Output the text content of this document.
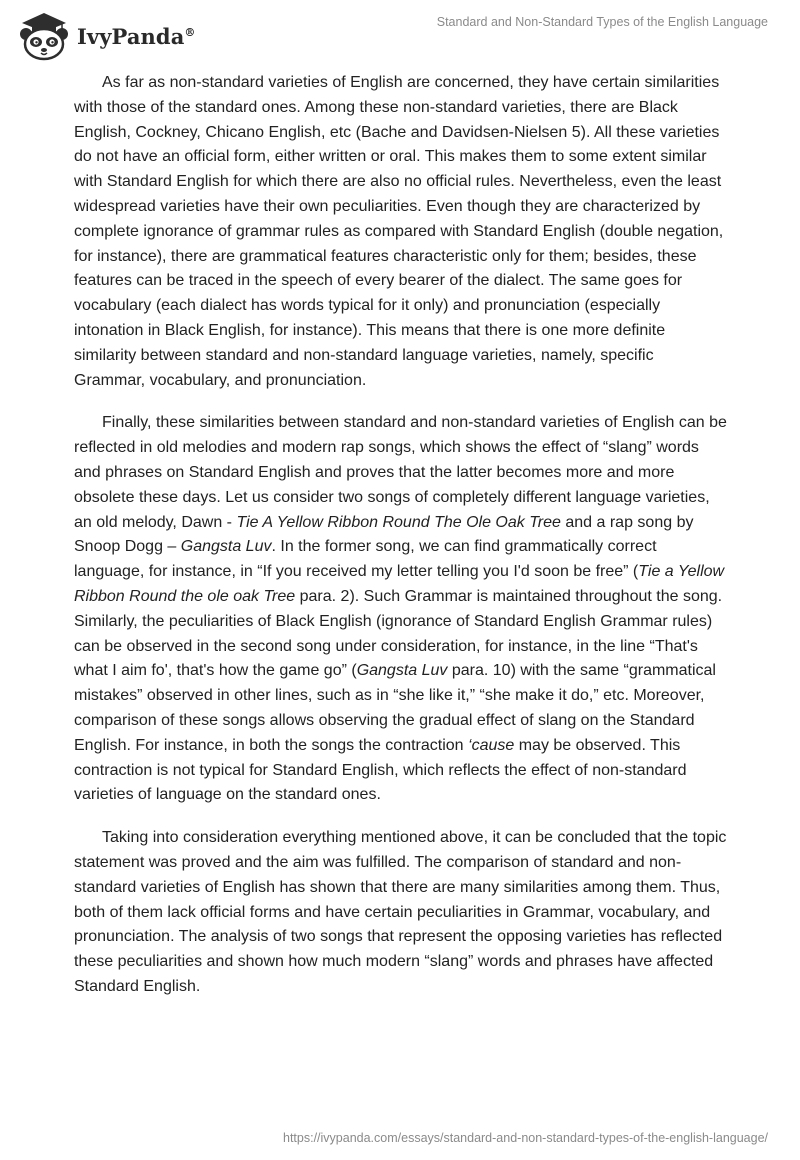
IvyPanda®
Standard and Non-Standard Types of the English Language

As far as non-standard varieties of English are concerned, they have certain similarities with those of the standard ones. Among these non-standard varieties, there are Black English, Cockney, Chicano English, etc (Bache and Davidsen-Nielsen 5). All these varieties do not have an official form, either written or oral. This makes them to some extent similar with Standard English for which there are also no official rules. Nevertheless, even the least widespread varieties have their own peculiarities. Even though they are characterized by complete ignorance of grammar rules as compared with Standard English (double negation, for instance), there are grammatical features characteristic only for them; besides, these features can be traced in the speech of every bearer of the dialect. The same goes for vocabulary (each dialect has words typical for it only) and pronunciation (especially intonation in Black English, for instance). This means that there is one more definite similarity between standard and non-standard language varieties, namely, specific Grammar, vocabulary, and pronunciation.

Finally, these similarities between standard and non-standard varieties of English can be reflected in old melodies and modern rap songs, which shows the effect of “slang” words and phrases on Standard English and proves that the latter becomes more and more obsolete these days. Let us consider two songs of completely different language varieties, an old melody, Dawn - Tie A Yellow Ribbon Round The Ole Oak Tree and a rap song by Snoop Dogg – Gangsta Luv. In the former song, we can find grammatically correct language, for instance, in “If you received my letter telling you I'd soon be free” (Tie a Yellow Ribbon Round the ole oak Tree para. 2). Such Grammar is maintained throughout the song. Similarly, the peculiarities of Black English (ignorance of Standard English Grammar rules) can be observed in the second song under consideration, for instance, in the line “That's what I aim fo', that's how the game go” (Gangsta Luv para. 10) with the same “grammatical mistakes” observed in other lines, such as in “she like it,” “she make it do,” etc. Moreover, comparison of these songs allows observing the gradual effect of slang on the Standard English. For instance, in both the songs the contraction ‘cause may be observed. This contraction is not typical for Standard English, which reflects the effect of non-standard varieties of language on the standard ones.

Taking into consideration everything mentioned above, it can be concluded that the topic statement was proved and the aim was fulfilled. The comparison of standard and non-standard varieties of English has shown that there are many similarities among them. Thus, both of them lack official forms and have certain peculiarities in Grammar, vocabulary, and pronunciation. The analysis of two songs that represent the opposing varieties has reflected these peculiarities and shown how much modern “slang” words and phrases have affected Standard English.

https://ivypanda.com/essays/standard-and-non-standard-types-of-the-english-language/
